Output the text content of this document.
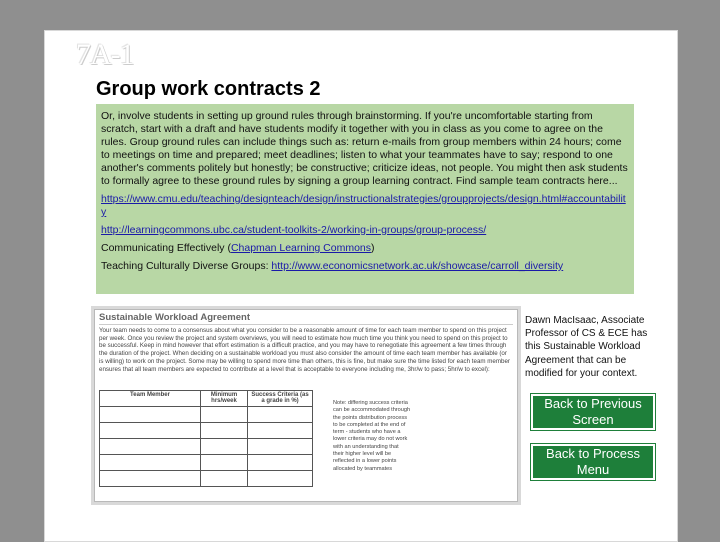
7A-1
Group work contracts 2

Or, involve students in setting up ground rules through brainstorming. If you're uncomfortable starting from scratch, start with a draft and have students modify it together with you in class as you come to agree on the rules. Group ground rules can include things such as: return e-mails from group members within 24 hours; come to meetings on time and prepared; meet deadlines; listen to what your teammates have to say; respond to one another's comments politely but honestly; be constructive; criticize ideas, not people. You might then ask students to formally agree to these ground rules by signing a group learning contract. Find sample team contracts here...

https://www.cmu.edu/teaching/designteach/design/instructionalstrategies/groupprojects/design.html#accountability

http://learningcommons.ubc.ca/student-toolkits-2/working-in-groups/group-process/

Communicating Effectively (Chapman Learning Commons)

Teaching Culturally Diverse Groups: http://www.economicsnetwork.ac.uk/showcase/carroll_diversity

Sustainable Workload Agreement

Your team needs to come to a consensus about what you consider to be a reasonable amount of time for each team member to spend on this project per week. Once you review the project and system overviews, you will need to estimate how much time you think you need to spend on this project to be successful. Keep in mind however that effort estimation is a difficult practice, and you may have to renegotiate this agreement a few times through the duration of the project. When deciding on a sustainable workload you must also consider the amount of time each team member has available (or is willing) to work on the project. Some may be willing to spend more time than others, this is fine, but make sure the time listed for each team member ensures that all team members are expected to contribute at a level that is acceptable to everyone including me, 3hr/w to pass; 5hr/w to excel):

Team Member	Minimum hrs/week	Success Criteria (as a grade in %)

			Note: differing success criteria can be accommodated through the points distribution process to be completed at the end of term - students who have a lower criteria may do not work with an understanding that their higher level will be reflected in a lower points allocated by teammates
Dawn MacIsaac, Associate Professor of CS & ECE has this Sustainable Workload Agreement that can be modified for your context.
Back to Previous Screen
Back to Process Menu
